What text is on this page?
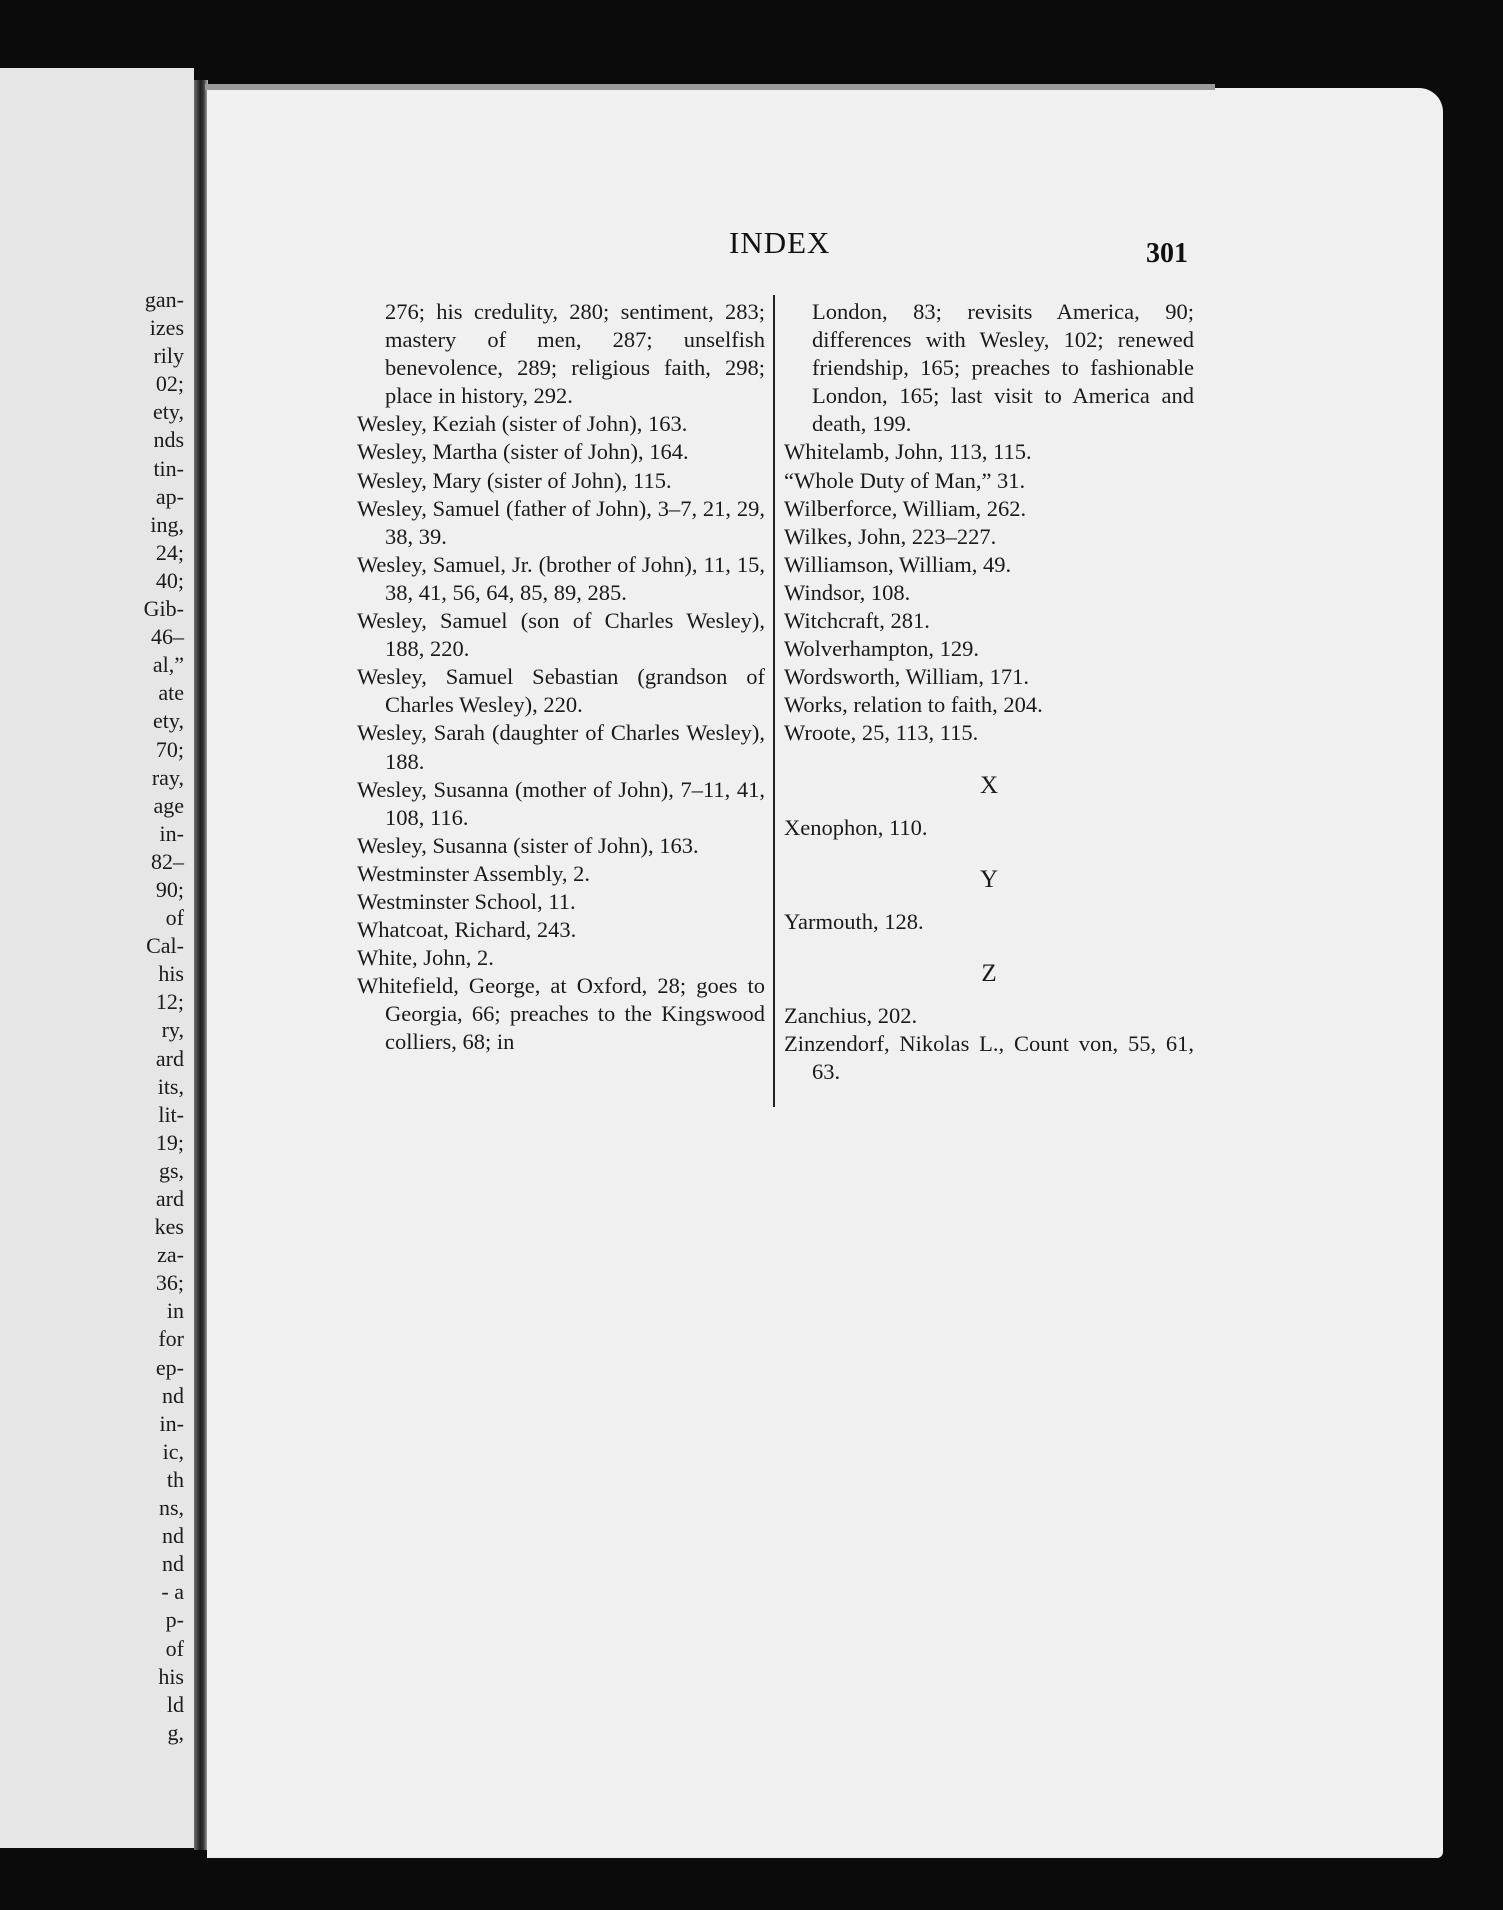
gan-
izes
rily
02;
ety,
nds
tin-
ap-
ing,
24;
40;
Gib-
46–
al,”
ate
ety,
70;
ray,
age
in-
82–
90;
of
Cal-
his
12;
ry,
ard
its,
lit-
19;
gs,
ard
kes
za-
36;
in
for
ep-
nd
in-
ic,
th
ns,
nd
nd
- a
p-
of
his
ld
g,
INDEX	301
276; his credulity, 280; sentiment, 283; mastery of men, 287; unselfish benevolence, 289; religious faith, 298; place in history, 292.
Wesley, Keziah (sister of John), 163.
Wesley, Martha (sister of John), 164.
Wesley, Mary (sister of John), 115.
Wesley, Samuel (father of John), 3–7, 21, 29, 38, 39.
Wesley, Samuel, Jr. (brother of John), 11, 15, 38, 41, 56, 64, 85, 89, 285.
Wesley, Samuel (son of Charles Wesley), 188, 220.
Wesley, Samuel Sebastian (grandson of Charles Wesley), 220.
Wesley, Sarah (daughter of Charles Wesley), 188.
Wesley, Susanna (mother of John), 7–11, 41, 108, 116.
Wesley, Susanna (sister of John), 163.
Westminster Assembly, 2.
Westminster School, 11.
Whatcoat, Richard, 243.
White, John, 2.
Whitefield, George, at Oxford, 28; goes to Georgia, 66; preaches to the Kingswood colliers, 68; in
London, 83; revisits America, 90; differences with Wesley, 102; renewed friendship, 165; preaches to fashionable London, 165; last visit to America and death, 199.
Whitelamb, John, 113, 115.
“Whole Duty of Man,” 31.
Wilberforce, William, 262.
Wilkes, John, 223–227.
Williamson, William, 49.
Windsor, 108.
Witchcraft, 281.
Wolverhampton, 129.
Wordsworth, William, 171.
Works, relation to faith, 204.
Wroote, 25, 113, 115.
X
Xenophon, 110.
Y
Yarmouth, 128.
Z
Zanchius, 202.
Zinzendorf, Nikolas L., Count von, 55, 61, 63.
